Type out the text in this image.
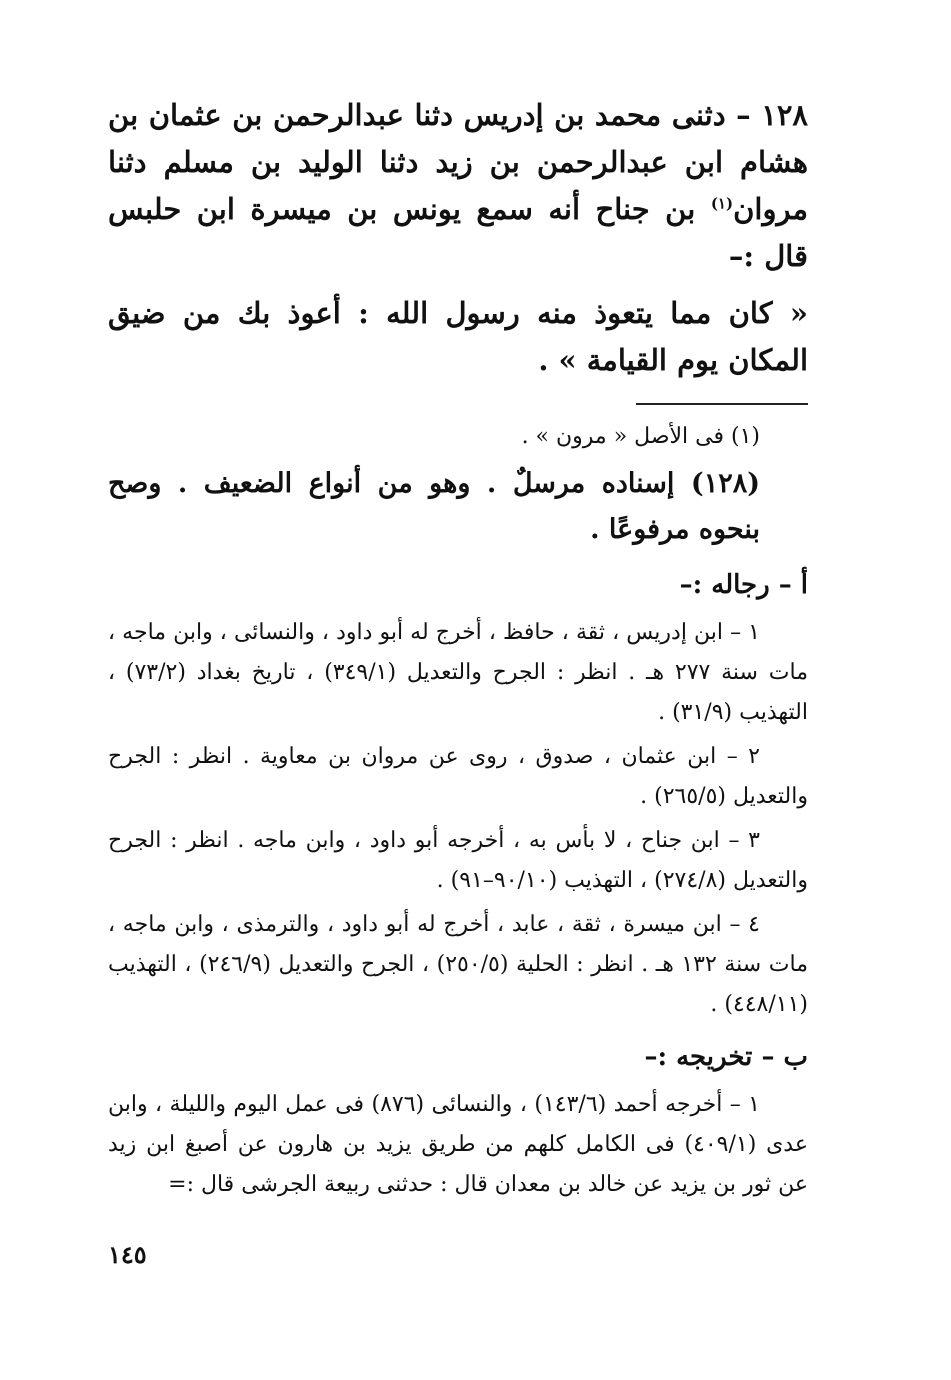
١٢٨ – دثنى محمد بن إدريس دثنا عبدالرحمن بن عثمان بن هشام ابن عبدالرحمن بن زيد دثنا الوليد بن مسلم دثنا مروان$^{(١)}$ بن جناح أنه سمع يونس بن ميسرة ابن حلبس قال :–

« كان مما يتعوذ منه رسول الله : أعوذ بك من ضيق المكان يوم القيامة » .

(١) فى الأصل « مرون » .

(١٢٨) إسناده مرسلٌ . وهو من أنواع الضعيف . وصح بنحوه مرفوعًا .

أ – رجاله :–

١ – ابن إدريس ، ثقة ، حافظ ، أخرج له أبو داود ، والنسائى ، وابن ماجه ، مات سنة ٢٧٧ هـ . انظر : الجرح والتعديل (٣٤٩/١) ، تاريخ بغداد (٧٣/٢) ، التهذيب (٣١/٩) .

٢ – ابن عثمان ، صدوق ، روى عن مروان بن معاوية . انظر : الجرح والتعديل (٢٦٥/٥) .

٣ – ابن جناح ، لا بأس به ، أخرجه أبو داود ، وابن ماجه . انظر : الجرح والتعديل (٢٧٤/٨) ، التهذيب (٩٠/١٠–٩١) .

٤ – ابن ميسرة ، ثقة ، عابد ، أخرج له أبو داود ، والترمذى ، وابن ماجه ، مات سنة ١٣٢ هـ . انظر : الحلية (٢٥٠/٥) ، الجرح والتعديل (٢٤٦/٩) ، التهذيب (٤٤٨/١١) .

ب – تخريجه :–

١ – أخرجه أحمد (١٤٣/٦) ، والنسائى (٨٧٦) فى عمل اليوم والليلة ، وابن عدى (٤٠٩/١) فى الكامل كلهم من طريق يزيد بن هارون عن أصبغ ابن زيد عن ثور بن يزيد عن خالد بن معدان قال : حدثنى ربيعة الجرشى قال :=

١٤٥
